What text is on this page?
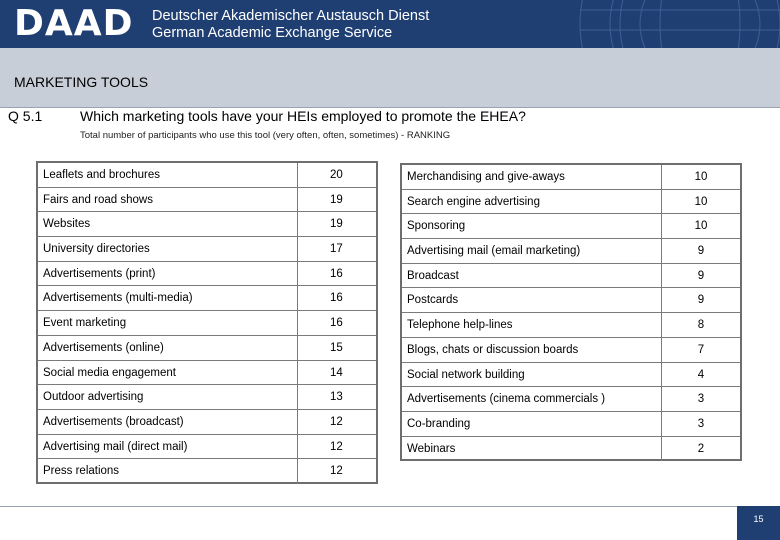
DAAD Deutscher Akademischer Austausch Dienst
German Academic Exchange Service
MARKETING TOOLS
Q 5.1	Which marketing tools have your HEIs employed to promote the EHEA?
Total number of participants who use this tool (very often, often, sometimes) - RANKING
Leaflets and brochures	20
Fairs and road shows	19
Websites	19
University directories	17
Advertisements (print)	16
Advertisements (multi-media)	16
Event marketing	16
Advertisements (online)	15
Social media engagement	14
Outdoor advertising	13
Advertisements (broadcast)	12
Advertising mail (direct mail)	12
Press relations	12
Merchandising and give-aways	10
Search engine advertising	10
Sponsoring	10
Advertising mail (email marketing)	9
Broadcast	9
Postcards	9
Telephone help-lines	8
Blogs, chats or discussion boards	7
Social network building	4
Advertisements (cinema commercials )	3
Co-branding	3
Webinars	2
15
